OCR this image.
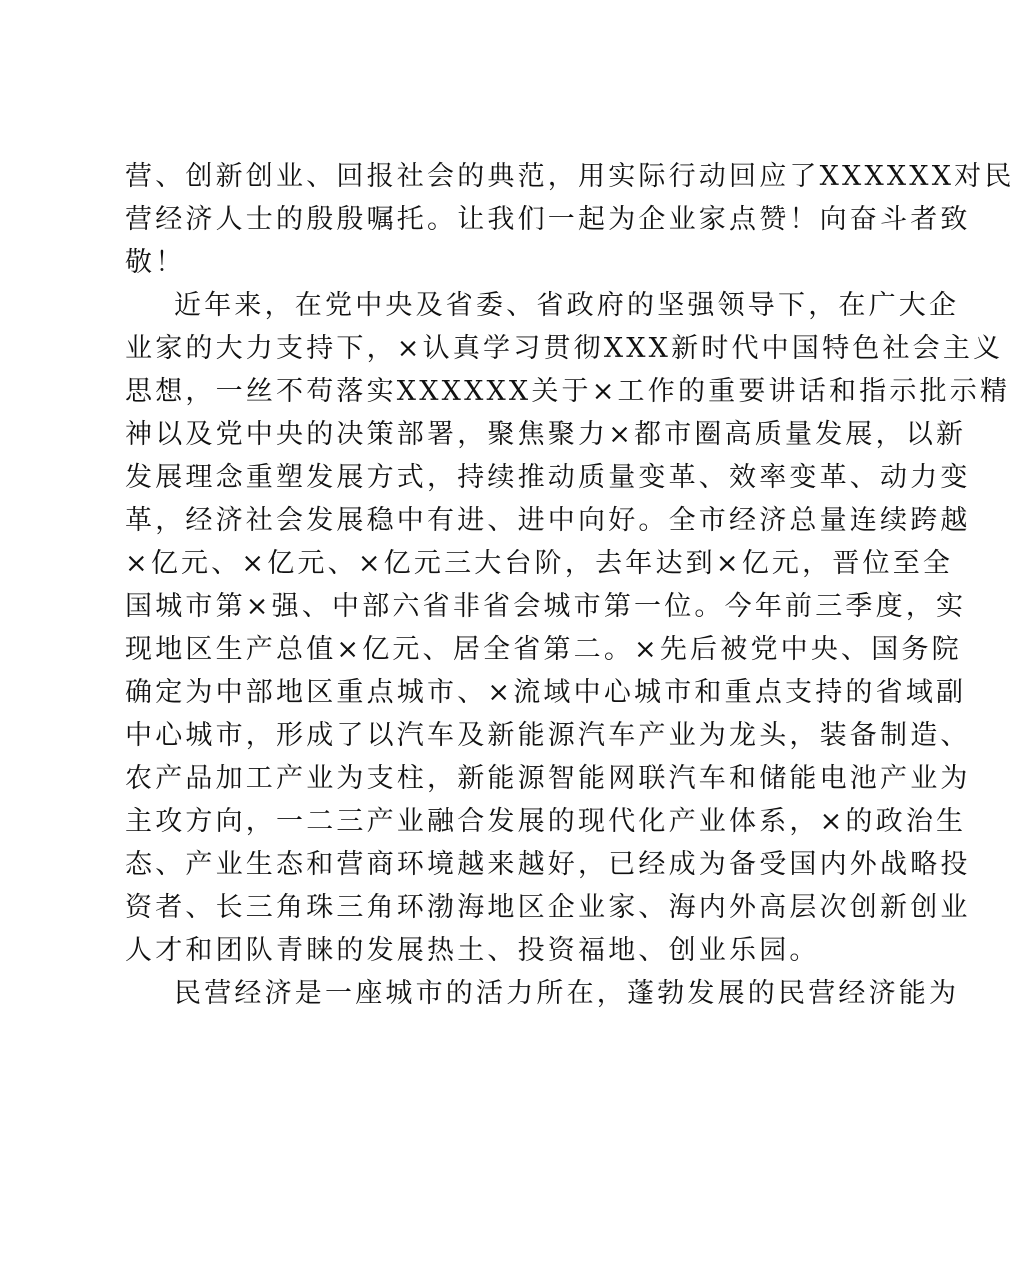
营、创新创业、回报社会的典范，用实际行动回应了XXXXXX对民
营经济人士的殷殷嘱托。让我们一起为企业家点赞！向奋斗者致
敬！
近年来，在党中央及省委、省政府的坚强领导下，在广大企
业家的大力支持下，×认真学习贯彻XXX新时代中国特色社会主义
思想，一丝不苟落实XXXXXX关于×工作的重要讲话和指示批示精
神以及党中央的决策部署，聚焦聚力×都市圈高质量发展，以新
发展理念重塑发展方式，持续推动质量变革、效率变革、动力变
革，经济社会发展稳中有进、进中向好。全市经济总量连续跨越
×亿元、×亿元、×亿元三大台阶，去年达到×亿元，晋位至全
国城市第×强、中部六省非省会城市第一位。今年前三季度，实
现地区生产总值×亿元、居全省第二。×先后被党中央、国务院
确定为中部地区重点城市、×流域中心城市和重点支持的省域副
中心城市，形成了以汽车及新能源汽车产业为龙头，装备制造、
农产品加工产业为支柱，新能源智能网联汽车和储能电池产业为
主攻方向，一二三产业融合发展的现代化产业体系，×的政治生
态、产业生态和营商环境越来越好，已经成为备受国内外战略投
资者、长三角珠三角环渤海地区企业家、海内外高层次创新创业
人才和团队青睐的发展热土、投资福地、创业乐园。
民营经济是一座城市的活力所在，蓬勃发展的民营经济能为
